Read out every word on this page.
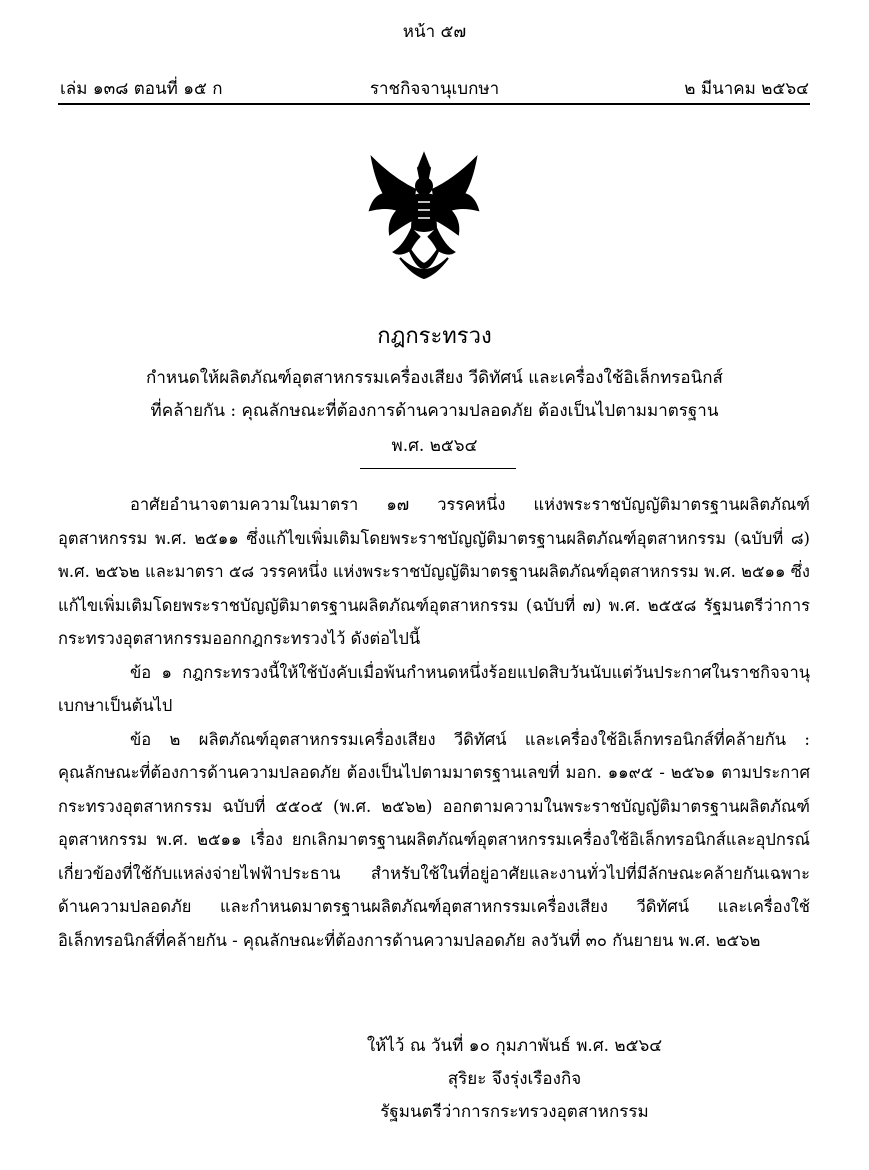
หน้า ๕๗
เล่ม ๑๓๘ ตอนที่ ๑๕ ก	ราชกิจจานุเบกษา	๒ มีนาคม ๒๕๖๔
กฎกระทรวง
กำหนดให้ผลิตภัณฑ์อุตสาหกรรมเครื่องเสียง วีดิทัศน์ และเครื่องใช้อิเล็กทรอนิกส์
ที่คล้ายกัน : คุณลักษณะที่ต้องการด้านความปลอดภัย ต้องเป็นไปตามมาตรฐาน
พ.ศ. ๒๕๖๔

อาศัยอำนาจตามความในมาตรา ๑๗ วรรคหนึ่ง แห่งพระราชบัญญัติมาตรฐานผลิตภัณฑ์อุตสาหกรรม พ.ศ. ๒๕๑๑ ซึ่งแก้ไขเพิ่มเติมโดยพระราชบัญญัติมาตรฐานผลิตภัณฑ์อุตสาหกรรม (ฉบับที่ ๘) พ.ศ. ๒๕๖๒ และมาตรา ๕๘ วรรคหนึ่ง แห่งพระราชบัญญัติมาตรฐานผลิตภัณฑ์อุตสาหกรรม พ.ศ. ๒๕๑๑ ซึ่งแก้ไขเพิ่มเติมโดยพระราชบัญญัติมาตรฐานผลิตภัณฑ์อุตสาหกรรม (ฉบับที่ ๗) พ.ศ. ๒๕๕๘ รัฐมนตรีว่าการกระทรวงอุตสาหกรรมออกกฎกระทรวงไว้ ดังต่อไปนี้

ข้อ ๑ กฎกระทรวงนี้ให้ใช้บังคับเมื่อพ้นกำหนดหนึ่งร้อยแปดสิบวันนับแต่วันประกาศในราชกิจจานุเบกษาเป็นต้นไป

ข้อ ๒ ผลิตภัณฑ์อุตสาหกรรมเครื่องเสียง วีดิทัศน์ และเครื่องใช้อิเล็กทรอนิกส์ที่คล้ายกัน : คุณลักษณะที่ต้องการด้านความปลอดภัย ต้องเป็นไปตามมาตรฐานเลขที่ มอก. ๑๑๙๕ - ๒๕๖๑ ตามประกาศกระทรวงอุตสาหกรรม ฉบับที่ ๕๕๐๕ (พ.ศ. ๒๕๖๒) ออกตามความในพระราชบัญญัติมาตรฐานผลิตภัณฑ์อุตสาหกรรม พ.ศ. ๒๕๑๑ เรื่อง ยกเลิกมาตรฐานผลิตภัณฑ์อุตสาหกรรมเครื่องใช้อิเล็กทรอนิกส์และอุปกรณ์เกี่ยวข้องที่ใช้กับแหล่งจ่ายไฟฟ้าประธาน สำหรับใช้ในที่อยู่อาศัยและงานทั่วไปที่มีลักษณะคล้ายกันเฉพาะด้านความปลอดภัย และกำหนดมาตรฐานผลิตภัณฑ์อุตสาหกรรมเครื่องเสียง วีดิทัศน์ และเครื่องใช้อิเล็กทรอนิกส์ที่คล้ายกัน - คุณลักษณะที่ต้องการด้านความปลอดภัย ลงวันที่ ๓๐ กันยายน พ.ศ. ๒๕๖๒

ให้ไว้ ณ วันที่ ๑๐ กุมภาพันธ์ พ.ศ. ๒๕๖๔
สุริยะ จึงรุ่งเรืองกิจ
รัฐมนตรีว่าการกระทรวงอุตสาหกรรม
